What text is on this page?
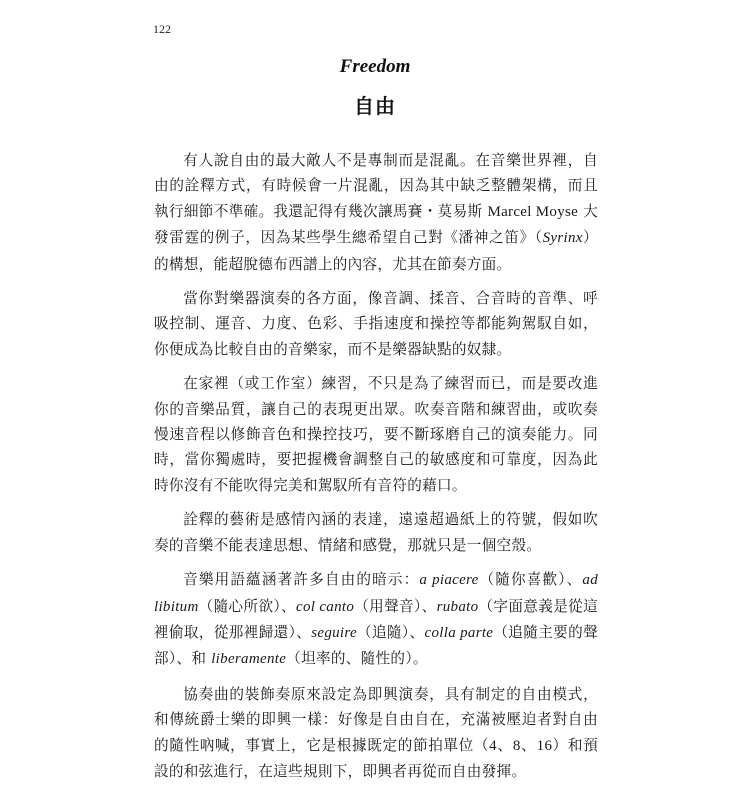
122
Freedom
自由

有人說自由的最大敵人不是專制而是混亂。在音樂世界裡，自由的詮釋方式，有時候會一片混亂，因為其中缺乏整體架構，而且執行細節不準確。我還記得有幾次讓馬賽・莫易斯 Marcel Moyse 大發雷霆的例子，因為某些學生總希望自己對《潘神之笛》（Syrinx）的構想，能超脫德布西譜上的內容，尤其在節奏方面。

當你對樂器演奏的各方面，像音調、揉音、合音時的音準、呼吸控制、運音、力度、色彩、手指速度和操控等都能夠駕馭自如，你便成為比較自由的音樂家，而不是樂器缺點的奴隸。

在家裡（或工作室）練習，不只是為了練習而已，而是要改進你的音樂品質，讓自己的表現更出眾。吹奏音階和練習曲，或吹奏慢速音程以修飾音色和操控技巧，要不斷琢磨自己的演奏能力。同時，當你獨處時，要把握機會調整自己的敏感度和可靠度，因為此時你沒有不能吹得完美和駕馭所有音符的藉口。

詮釋的藝術是感情內涵的表達，遠遠超過紙上的符號，假如吹奏的音樂不能表達思想、情緒和感覺，那就只是一個空殼。

音樂用語蘊涵著許多自由的暗示：a piacere（隨你喜歡）、ad libitum（隨心所欲）、col canto（用聲音）、rubato（字面意義是從這裡偷取，從那裡歸還）、seguire（追隨）、colla parte（追隨主要的聲部）、和 liberamente（坦率的、隨性的）。

協奏曲的裝飾奏原來設定為即興演奏，具有制定的自由模式，和傳統爵士樂的即興一樣：好像是自由自在，充滿被壓迫者對自由的隨性吶喊，事實上，它是根據既定的節拍單位（4、8、16）和預設的和弦進行，在這些規則下，即興者再從而自由發揮。
